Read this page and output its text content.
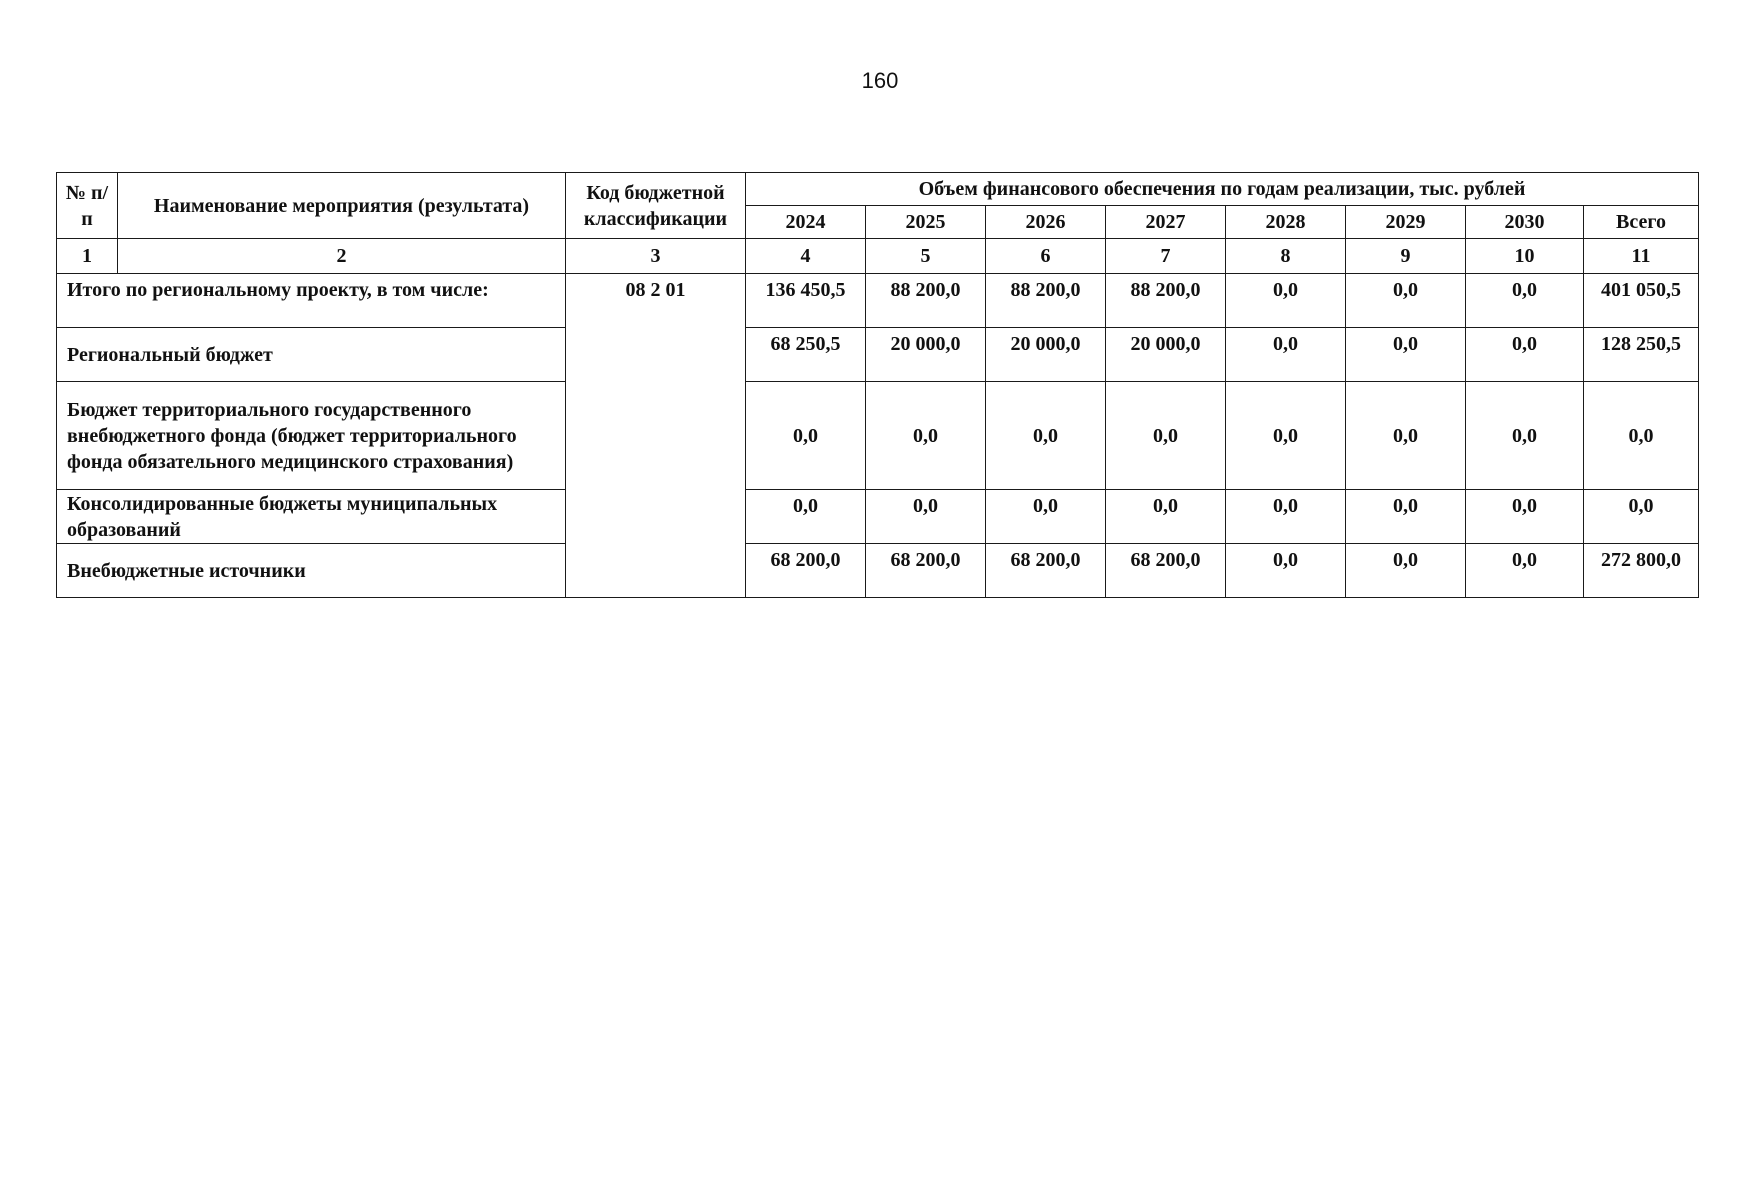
160
№ п/п	Наименование мероприятия (результата)	Код бюджетной классификации	Объем финансового обеспечения по годам реализации, тыс. рублей							
			2024	2025	2026	2027	2028	2029	2030	Всего
1	2	3	4	5	6	7	8	9	10	11
Итого по региональному проекту, в том числе:		08 2 01	136 450,5	88 200,0	88 200,0	88 200,0	0,0	0,0	0,0	401 050,5
Региональный бюджет			68 250,5	20 000,0	20 000,0	20 000,0	0,0	0,0	0,0	128 250,5
Бюджет территориального государственного внебюджетного фонда (бюджет территориального фонда обязательного медицинского страхования)			0,0	0,0	0,0	0,0	0,0	0,0	0,0	0,0
Консолидированные бюджеты муниципальных образований			0,0	0,0	0,0	0,0	0,0	0,0	0,0	0,0
Внебюджетные источники			68 200,0	68 200,0	68 200,0	68 200,0	0,0	0,0	0,0	272 800,0
